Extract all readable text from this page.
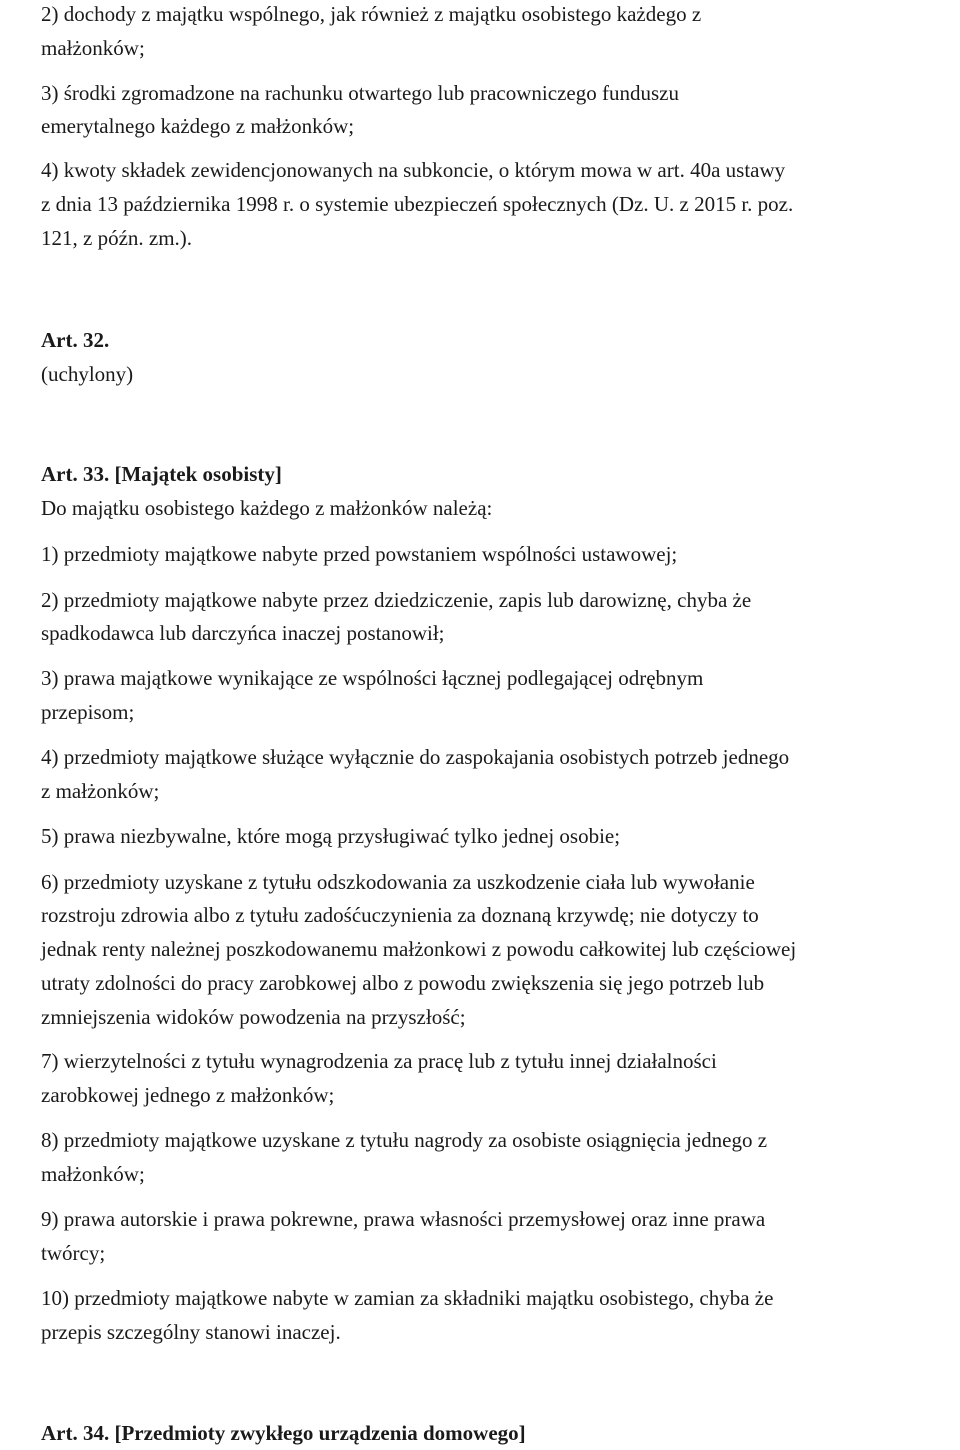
2) dochody z majątku wspólnego, jak również z majątku osobistego każdego z
małżonków;
3) środki zgromadzone na rachunku otwartego lub pracowniczego funduszu
emerytalnego każdego z małżonków;
4) kwoty składek zewidencjonowanych na subkoncie, o którym mowa w art. 40a ustawy
z dnia 13 października 1998 r. o systemie ubezpieczeń społecznych (Dz. U. z 2015 r. poz.
121, z późn. zm.).
Art. 32.
(uchylony)
Art. 33. [Majątek osobisty]
Do majątku osobistego każdego z małżonków należą:
1) przedmioty majątkowe nabyte przed powstaniem wspólności ustawowej;
2) przedmioty majątkowe nabyte przez dziedziczenie, zapis lub darowiznę, chyba że
spadkodawca lub darczyńca inaczej postanowił;
3) prawa majątkowe wynikające ze wspólności łącznej podlegającej odrębnym
przepisom;
4) przedmioty majątkowe służące wyłącznie do zaspokajania osobistych potrzeb jednego
z małżonków;
5) prawa niezbywalne, które mogą przysługiwać tylko jednej osobie;
6) przedmioty uzyskane z tytułu odszkodowania za uszkodzenie ciała lub wywołanie
rozstroju zdrowia albo z tytułu zadośćuczynienia za doznaną krzywdę; nie dotyczy to
jednak renty należnej poszkodowanemu małżonkowi z powodu całkowitej lub częściowej
utraty zdolności do pracy zarobkowej albo z powodu zwiększenia się jego potrzeb lub
zmniejszenia widoków powodzenia na przyszłość;
7) wierzytelności z tytułu wynagrodzenia za pracę lub z tytułu innej działalności
zarobkowej jednego z małżonków;
8) przedmioty majątkowe uzyskane z tytułu nagrody za osobiste osiągnięcia jednego z
małżonków;
9) prawa autorskie i prawa pokrewne, prawa własności przemysłowej oraz inne prawa
twórcy;
10) przedmioty majątkowe nabyte w zamian za składniki majątku osobistego, chyba że
przepis szczególny stanowi inaczej.
Art. 34. [Przedmioty zwykłego urządzenia domowego]
